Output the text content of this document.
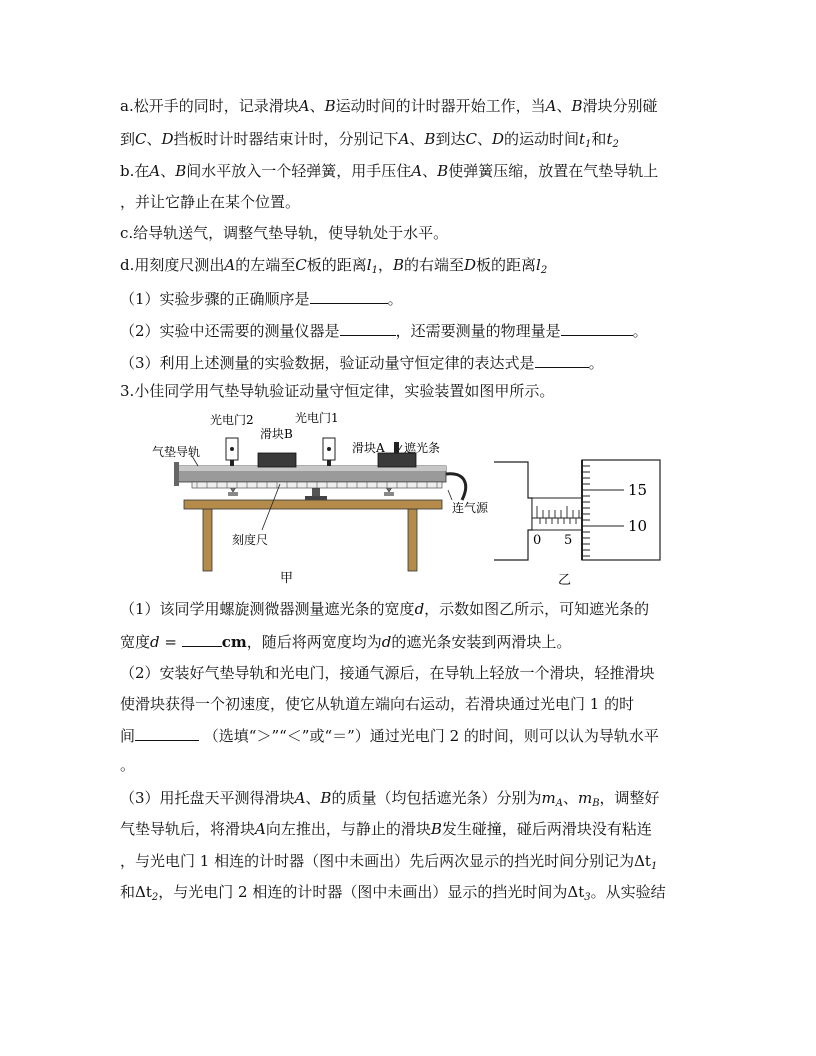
a.松开手的同时，记录滑块A、B运动时间的计时器开始工作，当A、B滑块分别碰
到C、D挡板时计时器结束计时，分别记下A、B到达C、D的运动时间$t_1$和$t_2$
b.在A、B间水平放入一个轻弹簧，用手压住A、B使弹簧压缩，放置在气垫导轨上
，并让它静止在某个位置。
c.给导轨送气，调整气垫导轨，使导轨处于水平。
d.用刻度尺测出A的左端至C板的距离$l_1$，B的右端至D板的距离$l_2$
（1）实验步骤的正确顺序是	。
（2）实验中还需要的测量仪器是	，还需要测量的物理量是	。
（3）利用上述测量的实验数据，验证动量守恒定律的表达式是	。
3.小佳同学用气垫导轨验证动量守恒定律，实验装置如图甲所示。
光电门2	光电门1
滑块B
滑块A 遮光条
气垫导轨
连气源
刻度尺
甲
0 5
15
10
乙
（1）该同学用螺旋测微器测量遮光条的宽度d，示数如图乙所示，可知遮光条的
宽度d =	cm，随后将两宽度均为d的遮光条安装到两滑块上。
（2）安装好气垫导轨和光电门，接通气源后，在导轨上轻放一个滑块，轻推滑块
使滑块获得一个初速度，使它从轨道左端向右运动，若滑块通过光电门 1 的时
间	（选填“＞”“＜”或“＝”）通过光电门 2 的时间，则可以认为导轨水平
。
（3）用托盘天平测得滑块A、B的质量（均包括遮光条）分别为$m_A$、$m_B$，调整好
气垫导轨后，将滑块A向左推出，与静止的滑块B发生碰撞，碰后两滑块没有粘连
，与光电门 1 相连的计时器（图中未画出）先后两次显示的挡光时间分别记为$\Delta t_1$
和$\Delta t_2$，与光电门 2 相连的计时器（图中未画出）显示的挡光时间为$\Delta t_3$。从实验结
